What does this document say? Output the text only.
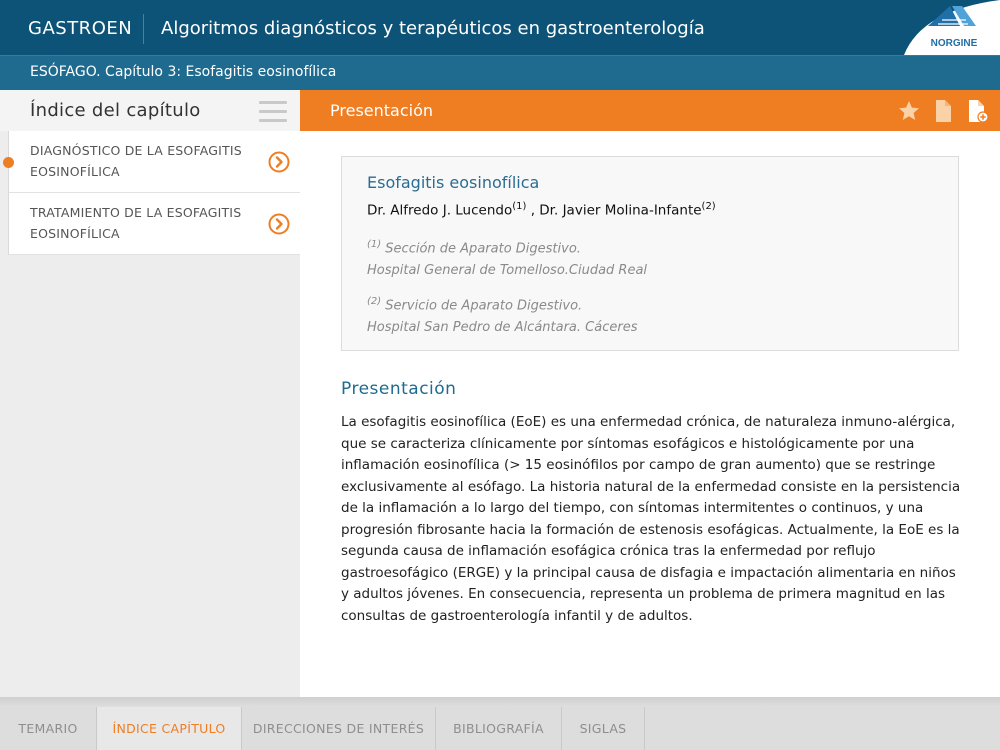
GASTROEN Algoritmos diagnósticos y terapéuticos en gastroenterología
NORGINE
ESÓFAGO. Capítulo 3: Esofagitis eosinofílica
Índice del capítulo
DIAGNÓSTICO DE LA ESOFAGITIS EOSINOFÍLICA
TRATAMIENTO DE LA ESOFAGITIS EOSINOFÍLICA
Presentación
Esofagitis eosinofílica
Dr. Alfredo J. Lucendo$^{(1)}$ , Dr. Javier Molina-Infante$^{(2)}$
$^{(1)}$ Sección de Aparato Digestivo.
Hospital General de Tomelloso.Ciudad Real
$^{(2)}$ Servicio de Aparato Digestivo.
Hospital San Pedro de Alcántara. Cáceres
Presentación
La esofagitis eosinofílica (EoE) es una enfermedad crónica, de naturaleza inmuno-alérgica, que se caracteriza clínicamente por síntomas esofágicos e histológicamente por una inflamación eosinofílica (> 15 eosinófilos por campo de gran aumento) que se restringe exclusivamente al esófago. La historia natural de la enfermedad consiste en la persistencia de la inflamación a lo largo del tiempo, con síntomas intermitentes o continuos, y una progresión fibrosante hacia la formación de estenosis esofágicas. Actualmente, la EoE es la segunda causa de inflamación esofágica crónica tras la enfermedad por reflujo gastroesofágico (ERGE) y la principal causa de disfagia e impactación alimentaria en niños y adultos jóvenes. En consecuencia, representa un problema de primera magnitud en las consultas de gastroenterología infantil y de adultos.
TEMARIO	ÍNDICE CAPÍTULO	DIRECCIONES DE INTERÉS	BIBLIOGRAFÍA	SIGLAS
